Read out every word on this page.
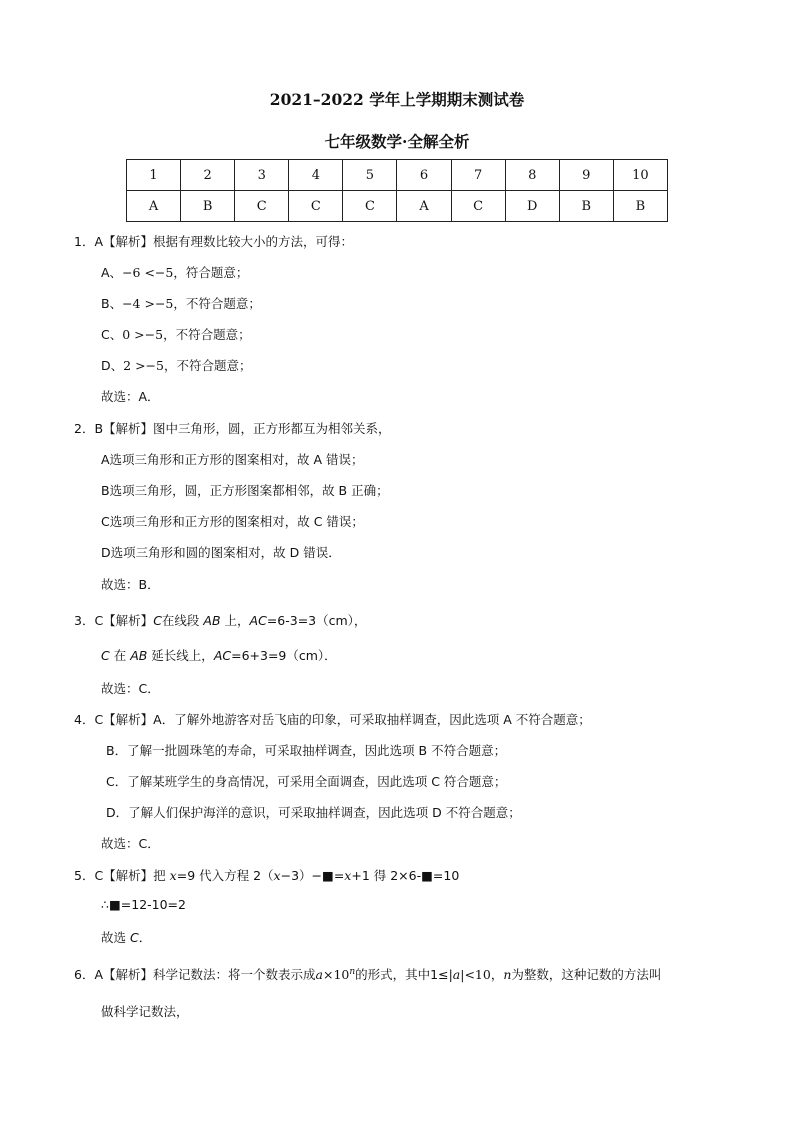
2021–2022 学年上学期期末测试卷
七年级数学·全解全析
1	2	3	4	5	6	7	8	9	10
A	B	C	C	C	A	C	D	B	B
1．A【解析】根据有理数比较大小的方法，可得：
A、−6 <−5，符合题意；
B、−4 >−5，不符合题意；
C、0 >−5，不符合题意；
D、2 >−5，不符合题意；
故选：A．
2．B【解析】图中三角形，圆，正方形都互为相邻关系，
A选项三角形和正方形的图案相对，故 A 错误；
B选项三角形，圆，正方形图案都相邻，故 B 正确；
C选项三角形和正方形的图案相对，故 C 错误；
D选项三角形和圆的图案相对，故 D 错误．
故选：B．
3．C【解析】C在线段 AB 上，AC=6-3=3（cm），
C 在 AB 延长线上，AC=6+3=9（cm）．
故选：C．
4．C【解析】A．了解外地游客对岳飞庙的印象，可采取抽样调查，因此选项 A 不符合题意；
B．了解一批圆珠笔的寿命，可采取抽样调查，因此选项 B 不符合题意；
C．了解某班学生的身高情况，可采用全面调查，因此选项 C 符合题意；
D．了解人们保护海洋的意识，可采取抽样调查，因此选项 D 不符合题意；
故选：C．
5．C【解析】把 x=9 代入方程 2（x−3）−■=x+1 得 2×6-■=10
∴■=12-10=2
故选 C．
6．A【解析】科学记数法：将一个数表示成$a\times 10^n$的形式，其中1≤|a|<10，n为整数，这种记数的方法叫
做科学记数法，
